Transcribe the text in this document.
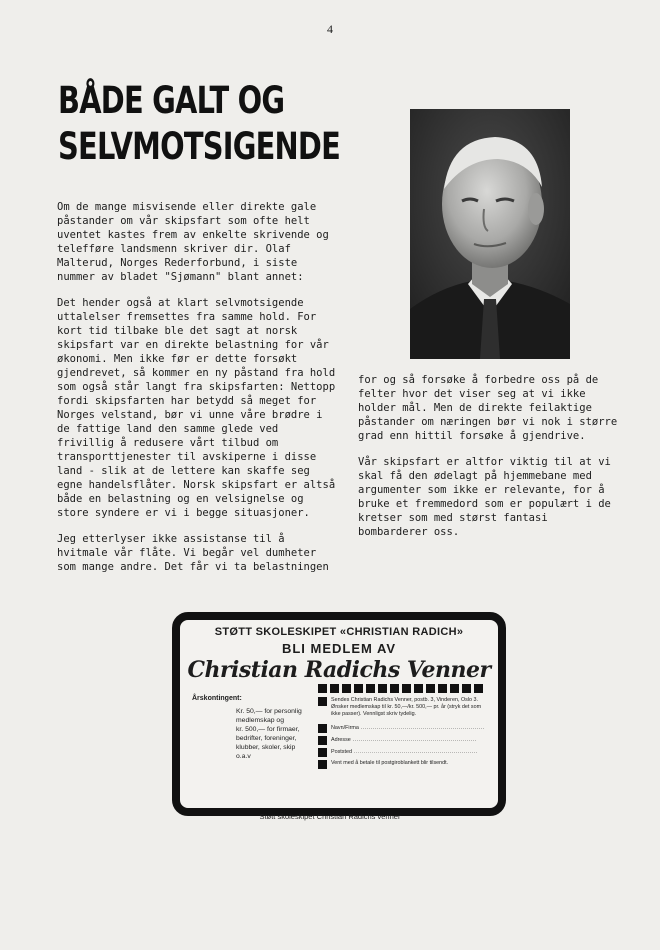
4
BÅDE GALT OG
SELVMOTSIGENDE

Om de mange misvisende eller direkte gale påstander om vår skipsfart som ofte helt uventet kastes frem av enkelte skrivende og telefføre landsmenn skriver dir. Olaf Malterud, Norges Rederforbund, i siste nummer av bladet "Sjømann" blant annet:

Det hender også at klart selvmotsigende uttalelser fremsettes fra samme hold. For kort tid tilbake ble det sagt at norsk skipsfart var en direkte belastning for vår økonomi. Men ikke før er dette forsøkt gjendrevet, så kommer en ny påstand fra hold som også står langt fra skipsfarten: Nettopp fordi skipsfarten har betydd så meget for Norges velstand, bør vi unne våre brødre i de fattige land den samme glede ved frivillig å redusere vårt tilbud om transporttjenester til avskiperne i disse land - slik at de lettere kan skaffe seg egne handelsflåter. Norsk skipsfart er altså både en belastning og en velsignelse og store syndere er vi i begge situasjoner.

Jeg etterlyser ikke assistanse til å hvitmale vår flåte. Vi begår vel dumheter som mange andre. Det får vi ta belastningen

for og så forsøke å forbedre oss på de felter hvor det viser seg at vi ikke holder mål. Men de direkte feilaktige påstander om næringen bør vi nok i større grad enn hittil forsøke å gjendrive.

Vår skipsfart er altfor viktig til at vi skal få den ødelagt på hjemmebane med argumenter som ikke er relevante, for å bruke et fremmedord som er populært i de kretser som med størst fantasi bombarderer oss.

STØTT SKOLESKIPET «CHRISTIAN RADICH»
BLI MEDLEM AV
Christian Radichs Venner
Årskontingent:
Kr. 50,— for personlig medlemskap og
kr. 500,— for firmaer, bedrifter, foreninger, klubber, skoler, skip o.a.v
Sendes Christian Radichs Venner, postb. 3, Vinderen, Oslo 3. Ønsker medlemskap til kr. 50,—/kr. 500,— pr. år (stryk det som ikke passer). Vennligst skriv tydelig.
Navn/Firma ..............................................................
Adresse ..............................................................
Poststed ..............................................................
Vent med å betale til postgiroblankett blir tilsendt.
Støtt skoleskipet Christian Radichs venner
